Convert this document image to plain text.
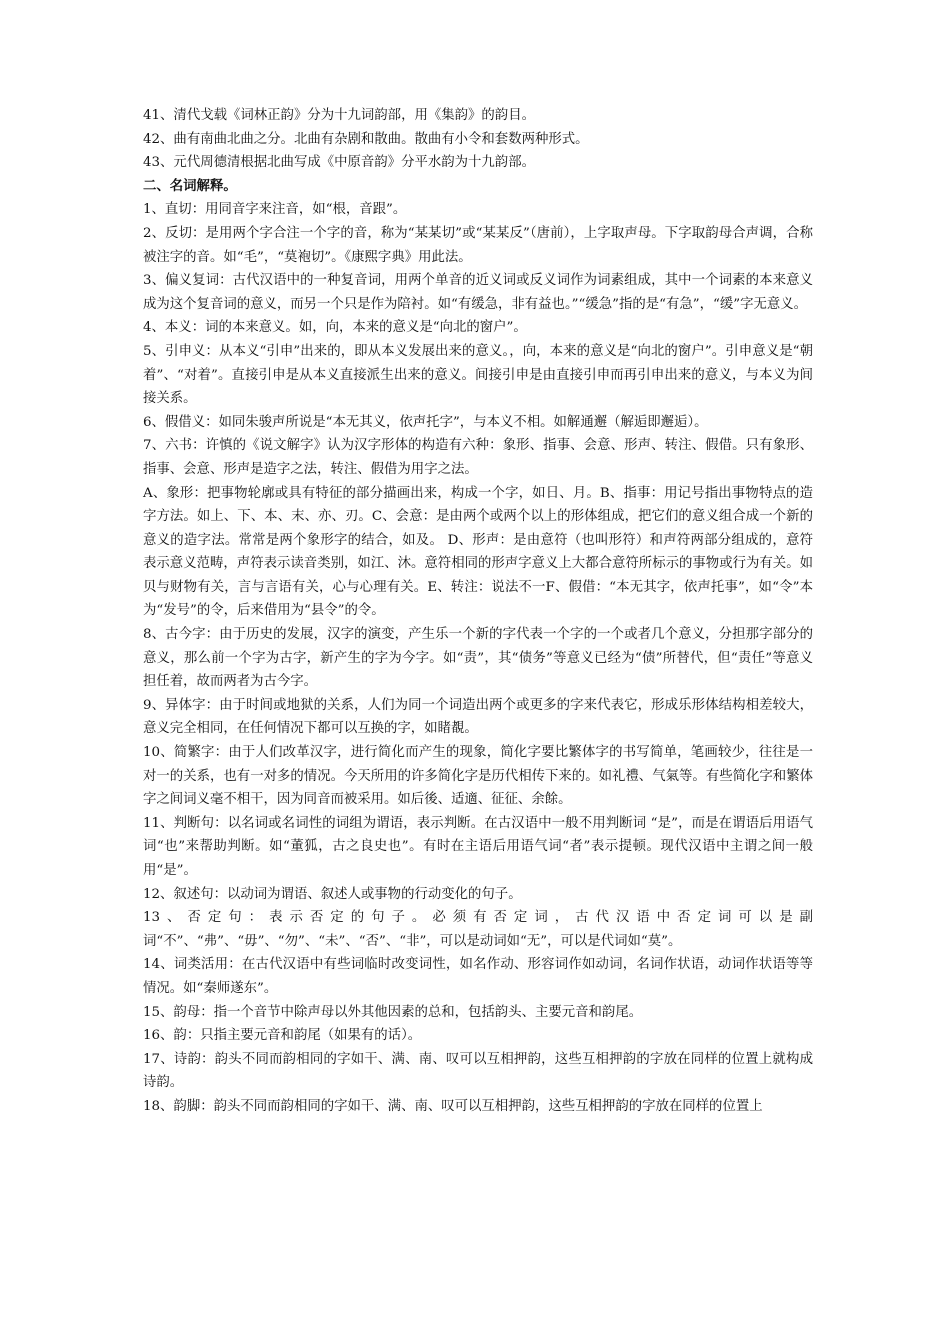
41、清代戈载《词林正韵》分为十九词韵部，用《集韵》的韵目。

42、曲有南曲北曲之分。北曲有杂剧和散曲。散曲有小令和套数两种形式。

43、元代周德清根据北曲写成《中原音韵》分平水韵为十九韵部。

二、名词解释。

1、直切：用同音字来注音，如“根，音跟”。

2、反切：是用两个字合注一个字的音，称为“某某切”或“某某反”（唐前），上字取声母。下字取韵母合声调，合称被注字的音。如“毛”，“莫袍切”。《康熙字典》用此法。

3、偏义复词：古代汉语中的一种复音词，用两个单音的近义词或反义词作为词素组成，其中一个词素的本来意义成为这个复音词的意义，而另一个只是作为陪衬。如“有缓急，非有益也。”“缓急”指的是“有急”，“缓”字无意义。

4、本义：词的本来意义。如，向，本来的意义是“向北的窗户”。

5、引申义：从本义“引申”出来的，即从本义发展出来的意义。，向，本来的意义是“向北的窗户”。引申意义是“朝着”、“对着”。直接引申是从本义直接派生出来的意义。间接引申是由直接引申而再引申出来的意义，与本义为间接关系。

6、假借义：如同朱骏声所说是“本无其义，依声托字”，与本义不相。如解通邂（解逅即邂逅）。

7、六书：许慎的《说文解字》认为汉字形体的构造有六种：象形、指事、会意、形声、转注、假借。只有象形、指事、会意、形声是造字之法，转注、假借为用字之法。

A、象形：把事物轮廓或具有特征的部分描画出来，构成一个字，如日、月。B、指事：用记号指出事物特点的造字方法。如上、下、本、末、亦、刃。C、会意：是由两个或两个以上的形体组成，把它们的意义组合成一个新的意义的造字法。常常是两个象形字的结合，如及。 D、形声：是由意符（也叫形符）和声符两部分组成的，意符表示意义范畴，声符表示读音类别，如江、沐。意符相同的形声字意义上大都合意符所标示的事物或行为有关。如贝与财物有关，言与言语有关，心与心理有关。E、转注：说法不一F、假借：“本无其字，依声托事”，如“令”本为“发号”的令，后来借用为“县令”的令。

8、古今字：由于历史的发展，汉字的演变，产生乐一个新的字代表一个字的一个或者几个意义，分担那字部分的意义，那么前一个字为古字，新产生的字为今字。如“责”，其“债务”等意义已经为“债”所替代，但“责任”等意义担任着，故而两者为古今字。

9、异体字：由于时间或地狱的关系，人们为同一个词造出两个或更多的字来代表它，形成乐形体结构相差较大，意义完全相同，在任何情况下都可以互换的字，如睹覩。

10、简繁字：由于人们改革汉字，进行简化而产生的现象，简化字要比繁体字的书写简单，笔画较少，往往是一对一的关系，也有一对多的情况。今天所用的许多简化字是历代相传下来的。如礼禮、气氣等。有些简化字和繁体字之间词义毫不相干，因为同音而被采用。如后後、适適、征征、余餘。

11、判断句：以名词或名词性的词组为谓语，表示判断。在古汉语中一般不用判断词 “是”，而是在谓语后用语气词“也”来帮助判断。如“董狐，古之良史也”。有时在主语后用语气词“者”表示提顿。现代汉语中主谓之间一般用“是”。

12、叙述句：以动词为谓语、叙述人或事物的行动变化的句子。

13、否定句：表示否定的句子。必须有否定词，古代汉语中否定词可以是副词“不”、“弗”、“毋”、“勿”、“未”、“否”、“非”，可以是动词如“无”，可以是代词如“莫”。

14、词类活用：在古代汉语中有些词临时改变词性，如名作动、形容词作如动词，名词作状语，动词作状语等等情况。如“秦师遂东”。

15、韵母：指一个音节中除声母以外其他因素的总和，包括韵头、主要元音和韵尾。

16、韵：只指主要元音和韵尾（如果有的话）。

17、诗韵：韵头不同而韵相同的字如干、满、南、叹可以互相押韵，这些互相押韵的字放在同样的位置上就构成诗韵。

18、韵脚：韵头不同而韵相同的字如干、满、南、叹可以互相押韵，这些互相押韵的字放在同样的位置上
